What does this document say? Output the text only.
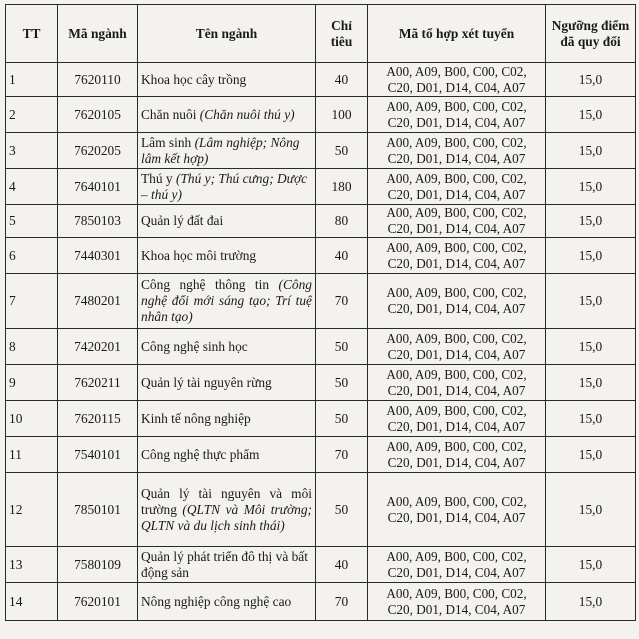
TT	Mã ngành	Tên ngành	Chỉ tiêu	Mã tổ hợp xét tuyển	Ngưỡng điểm đã quy đổi
1	7620110	Khoa học cây trồng	40	A00, A09, B00, C00, C02,
C20, D01, D14, C04, A07	15,0
2	7620105	Chăn nuôi (Chăn nuôi thú y)	100	A00, A09, B00, C00, C02,
C20, D01, D14, C04, A07	15,0
3	7620205	Lâm sinh (Lâm nghiệp; Nông lâm kết hợp)	50	A00, A09, B00, C00, C02,
C20, D01, D14, C04, A07	15,0
4	7640101	Thú y (Thú y; Thú cưng; Dược – thú y)	180	A00, A09, B00, C00, C02,
C20, D01, D14, C04, A07	15,0
5	7850103	Quản lý đất đai	80	A00, A09, B00, C00, C02,
C20, D01, D14, C04, A07	15,0
6	7440301	Khoa học môi trường	40	A00, A09, B00, C00, C02,
C20, D01, D14, C04, A07	15,0
7	7480201	Công nghệ thông tin (Công nghệ đổi mới sáng tạo; Trí tuệ nhân tạo)	70	A00, A09, B00, C00, C02,
C20, D01, D14, C04, A07	15,0
8	7420201	Công nghệ sinh học	50	A00, A09, B00, C00, C02,
C20, D01, D14, C04, A07	15,0
9	7620211	Quản lý tài nguyên rừng	50	A00, A09, B00, C00, C02,
C20, D01, D14, C04, A07	15,0
10	7620115	Kinh tế nông nghiệp	50	A00, A09, B00, C00, C02,
C20, D01, D14, C04, A07	15,0
11	7540101	Công nghệ thực phẩm	70	A00, A09, B00, C00, C02,
C20, D01, D14, C04, A07	15,0
12	7850101	Quản lý tài nguyên và môi trường (QLTN và Môi trường; QLTN và du lịch sinh thái)	50	A00, A09, B00, C00, C02,
C20, D01, D14, C04, A07	15,0
13	7580109	Quản lý phát triển đô thị và bất động sản	40	A00, A09, B00, C00, C02,
C20, D01, D14, C04, A07	15,0
14	7620101	Nông nghiệp công nghệ cao	70	A00, A09, B00, C00, C02,
C20, D01, D14, C04, A07	15,0
